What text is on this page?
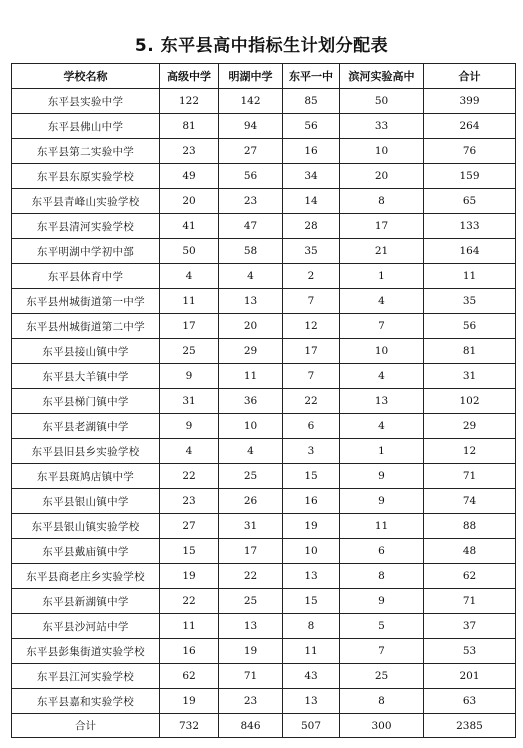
5. 东平县高中指标生计划分配表
学校名称	高级中学	明湖中学	东平一中	滨河实验高中	合计
东平县实验中学	122	142	85	50	399
东平县佛山中学	81	94	56	33	264
东平县第二实验中学	23	27	16	10	76
东平县东原实验学校	49	56	34	20	159
东平县青峰山实验学校	20	23	14	8	65
东平县清河实验学校	41	47	28	17	133
东平明湖中学初中部	50	58	35	21	164
东平县体育中学	4	4	2	1	11
东平县州城街道第一中学	11	13	7	4	35
东平县州城街道第二中学	17	20	12	7	56
东平县接山镇中学	25	29	17	10	81
东平县大羊镇中学	9	11	7	4	31
东平县梯门镇中学	31	36	22	13	102
东平县老湖镇中学	9	10	6	4	29
东平县旧县乡实验学校	4	4	3	1	12
东平县斑鸠店镇中学	22	25	15	9	71
东平县银山镇中学	23	26	16	9	74
东平县银山镇实验学校	27	31	19	11	88
东平县戴庙镇中学	15	17	10	6	48
东平县商老庄乡实验学校	19	22	13	8	62
东平县新湖镇中学	22	25	15	9	71
东平县沙河站中学	11	13	8	5	37
东平县彭集街道实验学校	16	19	11	7	53
东平县江河实验学校	62	71	43	25	201
东平县嘉和实验学校	19	23	13	8	63
合计	732	846	507	300	2385
